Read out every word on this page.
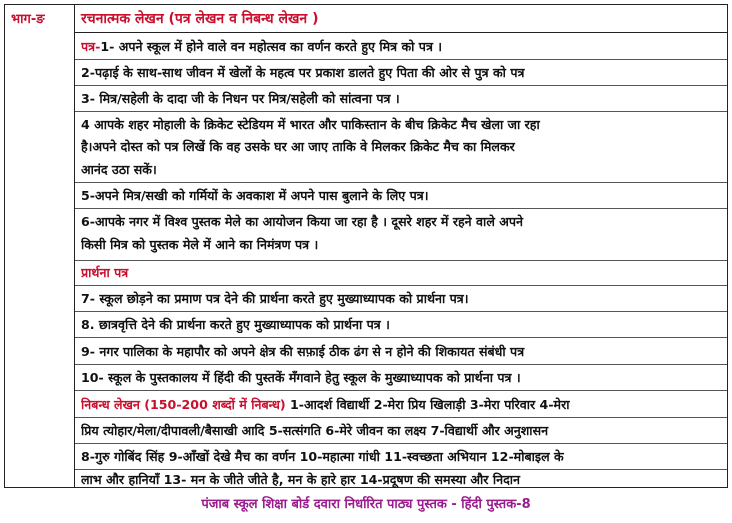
भाग-ङ	रचनात्मक लेखन (पत्र लेखन व निबन्ध लेखन )
पत्र-1- अपने स्कूल में होने वाले वन महोत्सव का वर्णन करते हुए मित्र को पत्र ।
2-पढ़ाई के साथ-साथ जीवन में खेलों के महत्व पर प्रकाश डालते हुए पिता की ओर से पुत्र को पत्र
3- मित्र/सहेली के दादा जी के निधन पर मित्र/सहेली को सांत्वना पत्र ।
4 आपके शहर मोहाली के क्रिकेट स्टेडियम में भारत और पाकिस्तान के बीच क्रिकेट मैच खेला जा रहा
है।अपने दोस्त को पत्र लिखें कि वह उसके घर आ जाए ताकि वे मिलकर क्रिकेट मैच का मिलकर
आनंद उठा सकें।
5-अपने मित्र/सखी को गर्मियों के अवकाश में अपने पास बुलाने के लिए पत्र।
6-आपके नगर में विश्व पुस्तक मेले का आयोजन किया जा रहा है । दूसरे शहर में रहने वाले अपने
किसी मित्र को पुस्तक मेले में आने का निमंत्रण पत्र ।
प्रार्थना पत्र
7- स्कूल छोड़ने का प्रमाण पत्र देने की प्रार्थना करते हुए मुख्याध्यापक को प्रार्थना पत्र।
8. छात्रवृत्ति देने की प्रार्थना करते हुए मुख्याध्यापक को प्रार्थना पत्र ।
9- नगर पालिका के महापौर को अपने क्षेत्र की सफ़ाई ठीक ढंग से न होने की शिकायत संबंधी पत्र
10- स्कूल के पुस्तकालय में हिंदी की पुस्तकें मँगवाने हेतु स्कूल के मुख्याध्यापक को प्रार्थना पत्र ।
निबन्ध लेखन (150-200 शब्दों में निबन्ध) 1-आदर्श विद्यार्थी 2-मेरा प्रिय खिलाड़ी 3-मेरा परिवार 4-मेरा
प्रिय त्योहार/मेला/दीपावली/बैसाखी आदि 5-सत्संगति 6-मेरे जीवन का लक्ष्य 7-विद्यार्थी और अनुशासन
8-गुरु गोबिंद सिंह 9-आँखों देखे मैच का वर्णन 10-महात्मा गांधी 11-स्वच्छता अभियान 12-मोबाइल के
लाभ और हानियाँ 13- मन के जीते जीते है, मन के हारे हार 14-प्रदूषण की समस्या और निदान
पंजाब स्कूल शिक्षा बोर्ड दवारा निर्धारित पाठ्य पुस्तक - हिंदी पुस्तक-8
